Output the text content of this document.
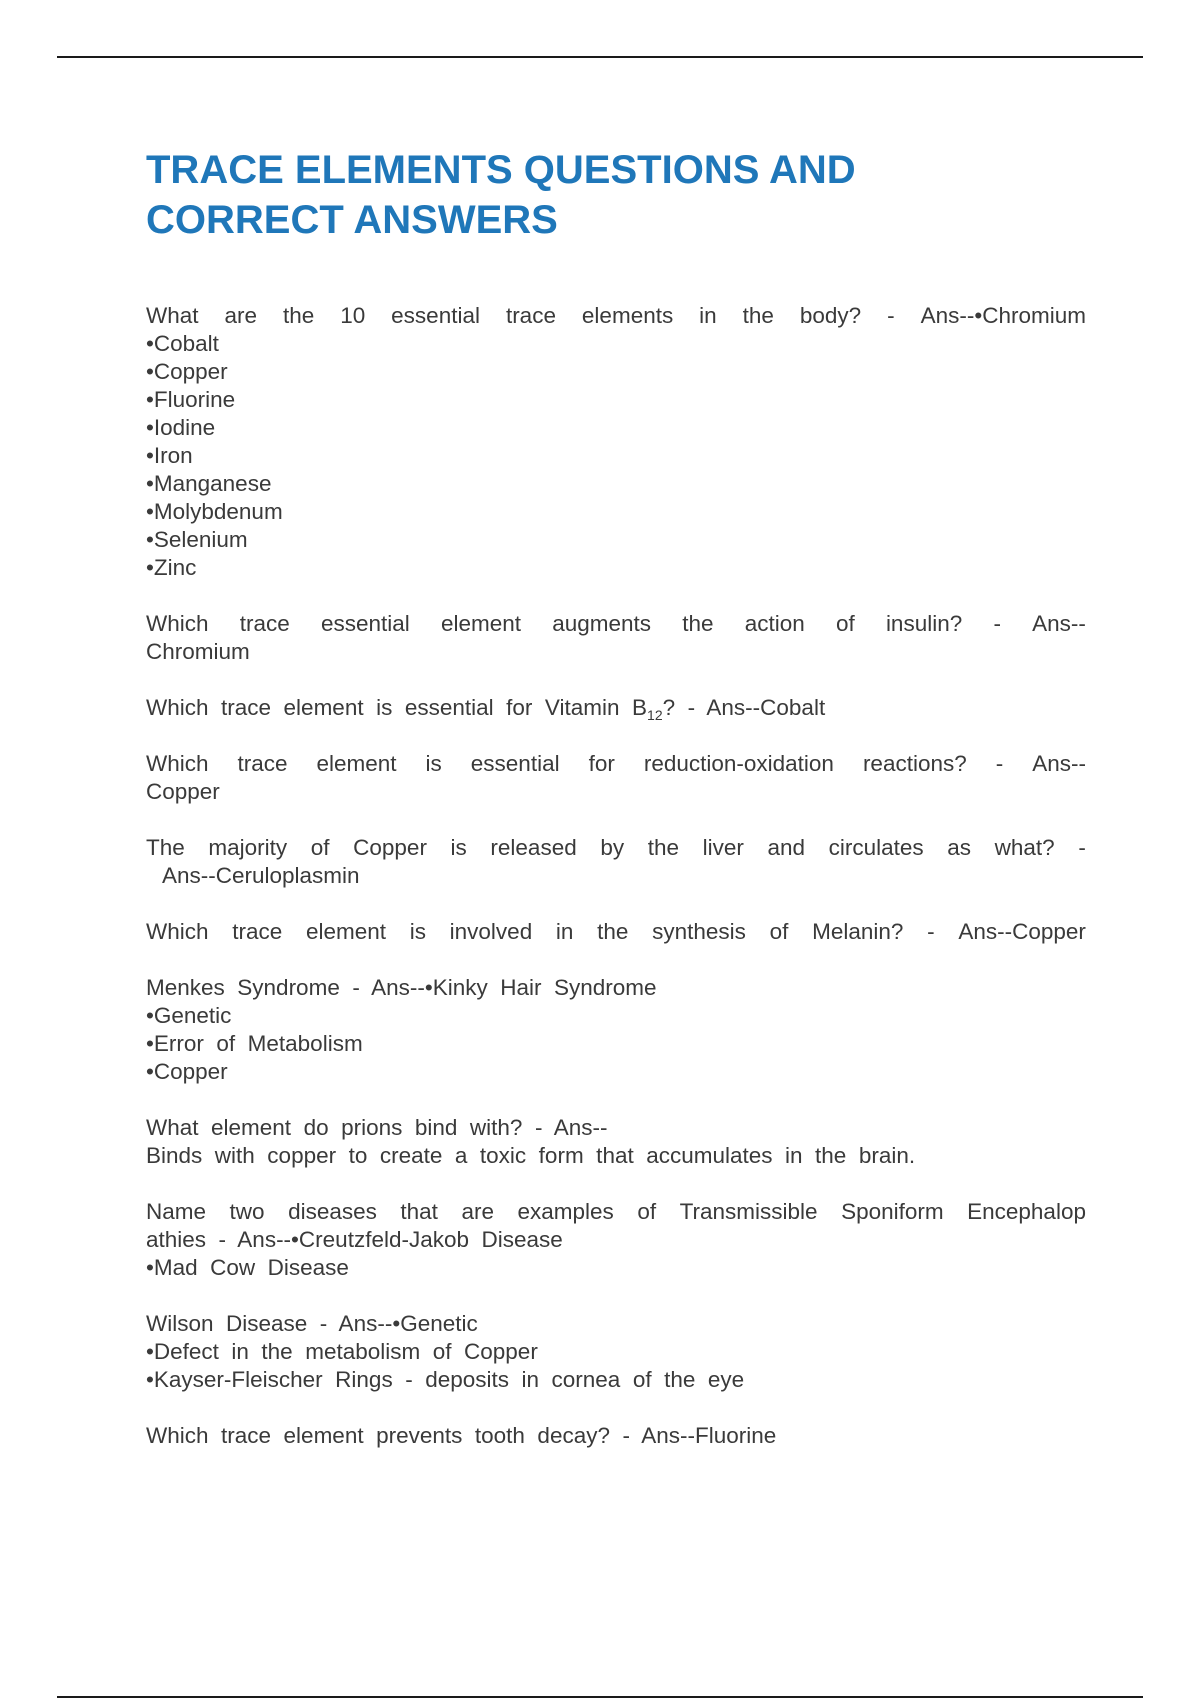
TRACE ELEMENTS QUESTIONS AND
CORRECT ANSWERS
What are the 10 essential trace elements in the body? - Ans--•Chromium
•Cobalt
•Copper
•Fluorine
•Iodine
•Iron
•Manganese
•Molybdenum
•Selenium
•Zinc
Which trace essential element augments the action of insulin? - Ans--
Chromium
Which  trace  element  is  essential  for  Vitamin  $B_{12}$?  -  Ans--Cobalt
Which trace element is essential for reduction-oxidation reactions? - Ans--
Copper
The majority of Copper is released by the liver and circulates as what? -
Ans--Ceruloplasmin
Which trace element is involved in the synthesis of Melanin? - Ans--Copper
Menkes  Syndrome  -  Ans--•Kinky  Hair  Syndrome
•Genetic
•Error  of  Metabolism
•Copper
What  element  do  prions  bind  with?  -  Ans--
Binds  with  copper  to  create  a  toxic  form  that  accumulates  in  the  brain.
Name two diseases that are examples of Transmissible Sponiform Encephalop
athies  -  Ans--•Creutzfeld-Jakob  Disease
•Mad  Cow  Disease
Wilson  Disease  -  Ans--•Genetic
•Defect  in  the  metabolism  of  Copper
•Kayser-Fleischer  Rings  -  deposits  in  cornea  of  the  eye
Which  trace  element  prevents  tooth  decay?  -  Ans--Fluorine
